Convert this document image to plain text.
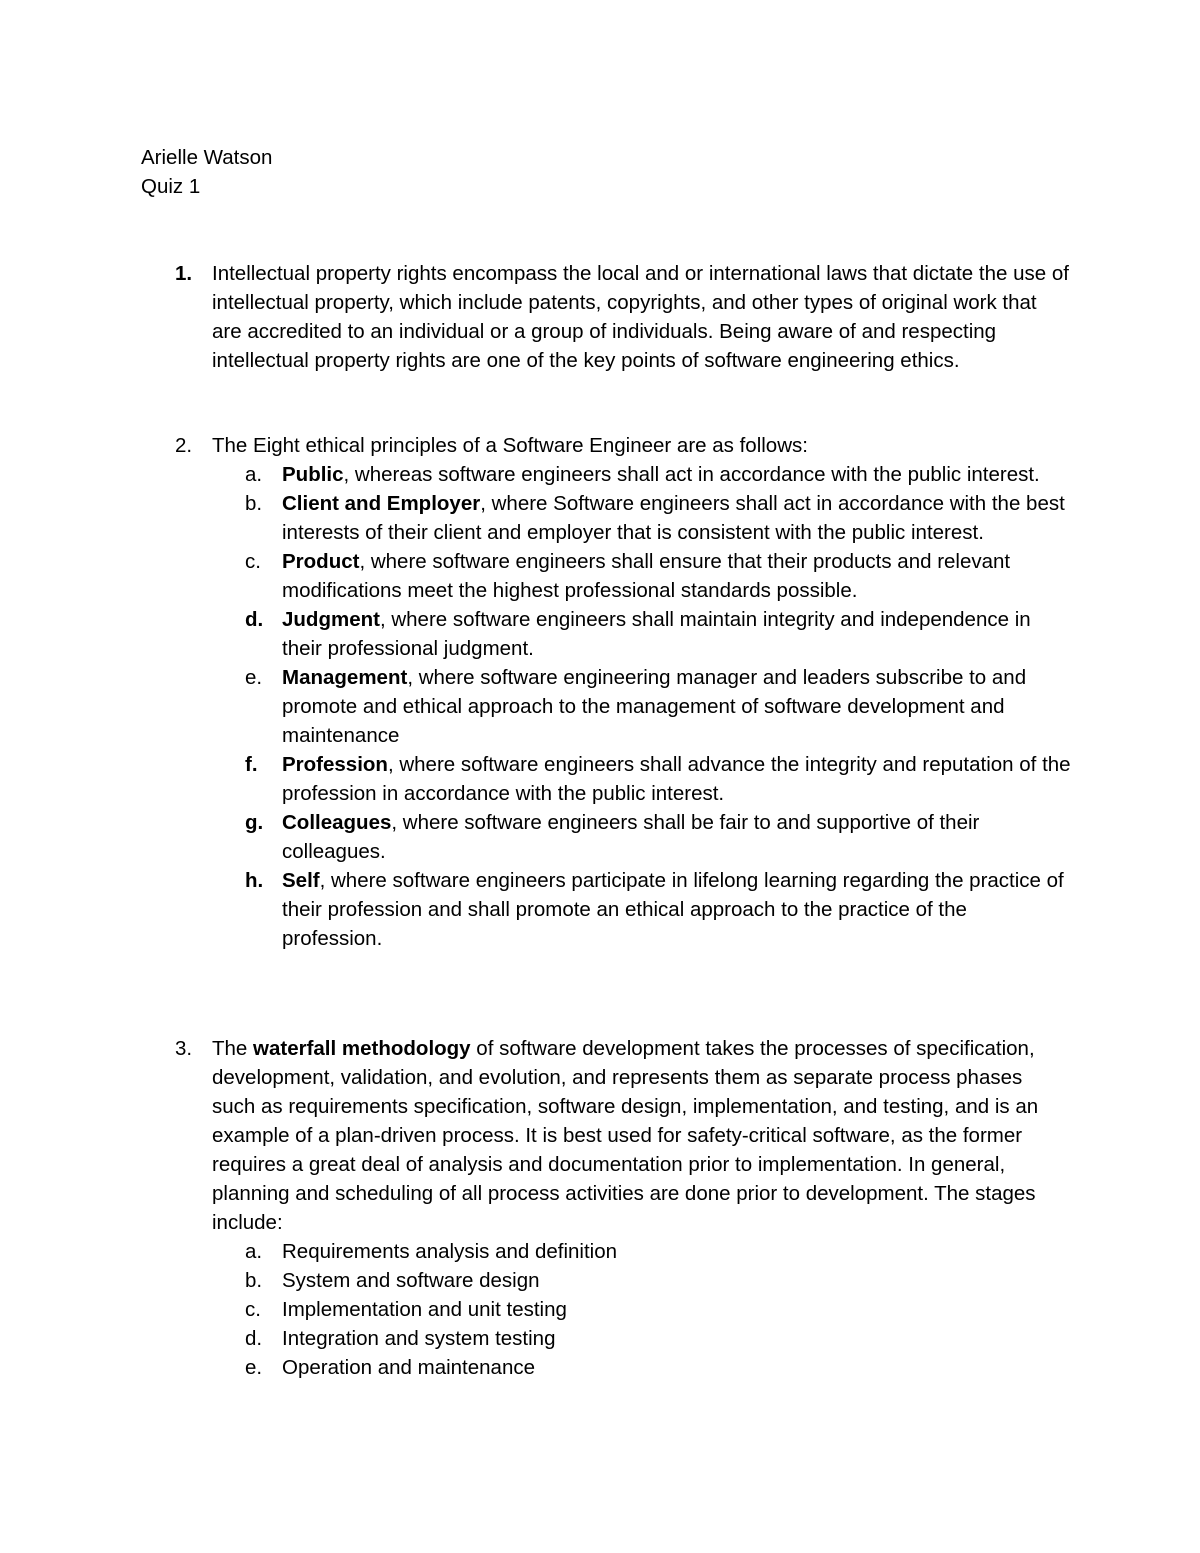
Arielle Watson
Quiz 1
1. Intellectual property rights encompass the local and or international laws that dictate the use of intellectual property, which include patents, copyrights, and other types of original work that are accredited to an individual or a group of individuals. Being aware of and respecting intellectual property rights are one of the key points of software engineering ethics.
2. The Eight ethical principles of a Software Engineer are as follows:
a. Public, whereas software engineers shall act in accordance with the public interest.
b. Client and Employer, where Software engineers shall act in accordance with the best interests of their client and employer that is consistent with the public interest.
c. Product, where software engineers shall ensure that their products and relevant modifications meet the highest professional standards possible.
d. Judgment, where software engineers shall maintain integrity and independence in their professional judgment.
e. Management, where software engineering manager and leaders subscribe to and promote and ethical approach to the management of software development and maintenance
f. Profession, where software engineers shall advance the integrity and reputation of the profession in accordance with the public interest.
g. Colleagues, where software engineers shall be fair to and supportive of their colleagues.
h. Self, where software engineers participate in lifelong learning regarding the practice of their profession and shall promote an ethical approach to the practice of the profession.
3. The waterfall methodology of software development takes the processes of specification, development, validation, and evolution, and represents them as separate process phases such as requirements specification, software design, implementation, and testing, and is an example of a plan-driven process. It is best used for safety-critical software, as the former requires a great deal of analysis and documentation prior to implementation. In general, planning and scheduling of all process activities are done prior to development. The stages include:
a. Requirements analysis and definition
b. System and software design
c. Implementation and unit testing
d. Integration and system testing
e. Operation and maintenance
